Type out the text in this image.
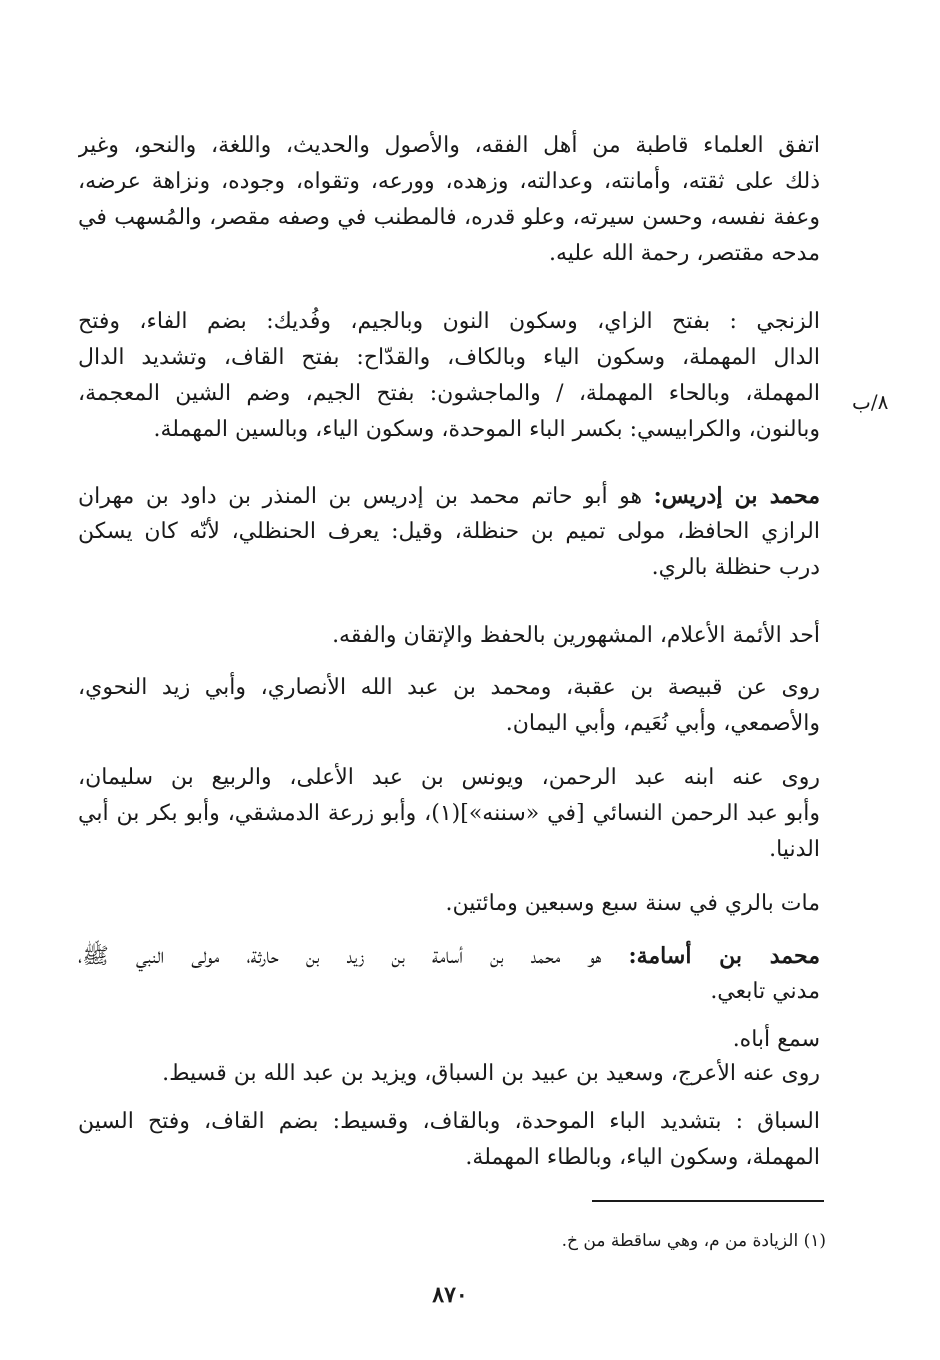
٨/ب
اتفق العلماء قاطبة من أهل الفقه، والأصول والحديث، واللغة، والنحو، وغير
ذلك على ثقته، وأمانته، وعدالته، وزهده، وورعه، وتقواه، وجوده، ونزاهة عرضه،
وعفة نفسه، وحسن سيرته، وعلو قدره، فالمطنب في وصفه مقصر، والمُسهب في
مدحه مقتصر، رحمة الله عليه.
الزنجي : بفتح الزاي، وسكون النون وبالجيم، وفُديك: بضم الفاء، وفتح
الدال المهملة، وسكون الياء وبالكاف، والقدّاح: بفتح القاف، وتشديد الدال
المهملة، وبالحاء المهملة، / والماجشون: بفتح الجيم، وضم الشين المعجمة،
وبالنون، والكرابيسي: بكسر الباء الموحدة، وسكون الياء، وبالسين المهملة.
محمد بن إدريس: هو أبو حاتم محمد بن إدريس بن المنذر بن داود بن مهران
الرازي الحافظ، مولى تميم بن حنظلة، وقيل: يعرف الحنظلي، لأنّه كان يسكن
درب حنظلة بالري.
أحد الأئمة الأعلام، المشهورين بالحفظ والإتقان والفقه.
روى عن قبيصة بن عقبة، ومحمد بن عبد الله الأنصاري، وأبي زيد النحوي،
والأصمعي، وأبي نُعَيم، وأبي اليمان.
روى عنه ابنه عبد الرحمن، ويونس بن عبد الأعلى، والربيع بن سليمان،
وأبو عبد الرحمن النسائي [في «سننه»](١)، وأبو زرعة الدمشقي، وأبو بكر بن أبي
الدنيا.
مات بالري في سنة سبع وسبعين ومائتين.
محمد بن أسامة: هو محمد بن أسامة بن زيد بن حارثة، مولى النبي ﷺ،
مدني تابعي.
سمع أباه.
روى عنه الأعرج، وسعيد بن عبيد بن السباق، ويزيد بن عبد الله بن قسيط.
السباق : بتشديد الباء الموحدة، وبالقاف، وقسيط: بضم القاف، وفتح السين
المهملة، وسكون الياء، وبالطاء المهملة.
(١) الزيادة من م، وهي ساقطة من خ.
٨٧٠
